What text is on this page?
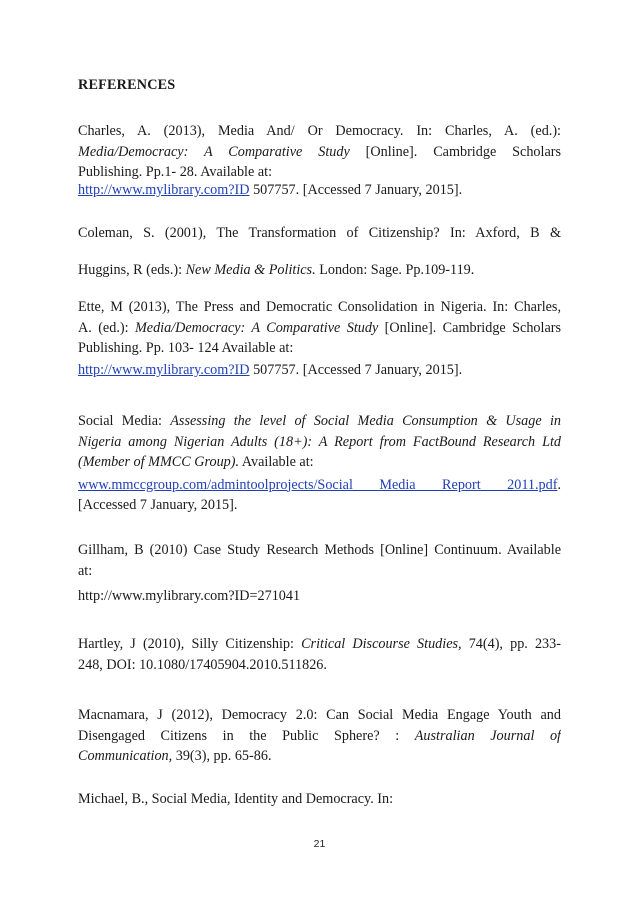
REFERENCES
Charles, A. (2013), Media And/ Or Democracy. In: Charles, A. (ed.):
Media/Democracy: A Comparative Study [Online]. Cambridge Scholars
Publishing. Pp.1- 28. Available at:
http://www.mylibrary.com?ID 507757. [Accessed 7 January, 2015].
Coleman, S. (2001), The Transformation of Citizenship? In: Axford, B &
Huggins, R (eds.): New Media & Politics. London: Sage. Pp.109-119.
Ette, M (2013), The Press and Democratic Consolidation in Nigeria. In: Charles,
A. (ed.): Media/Democracy: A Comparative Study [Online]. Cambridge Scholars
Publishing. Pp. 103- 124 Available at:
http://www.mylibrary.com?ID 507757. [Accessed 7 January, 2015].
Social Media: Assessing the level of Social Media Consumption & Usage in
Nigeria among Nigerian Adults (18+): A Report from FactBound Research Ltd
(Member of MMCC Group). Available at:
www.mmccgroup.com/admintoolprojects/Social Media Report 2011.pdf.
[Accessed 7 January, 2015].
Gillham, B (2010) Case Study Research Methods [Online] Continuum. Available
at:
http://www.mylibrary.com?ID=271041
Hartley, J (2010), Silly Citizenship: Critical Discourse Studies, 74(4), pp. 233-
248, DOI: 10.1080/17405904.2010.511826.
Macnamara, J (2012), Democracy 2.0: Can Social Media Engage Youth and
Disengaged Citizens in the Public Sphere? : Australian Journal of
Communication, 39(3), pp. 65-86.
Michael, B., Social Media, Identity and Democracy. In:
21
